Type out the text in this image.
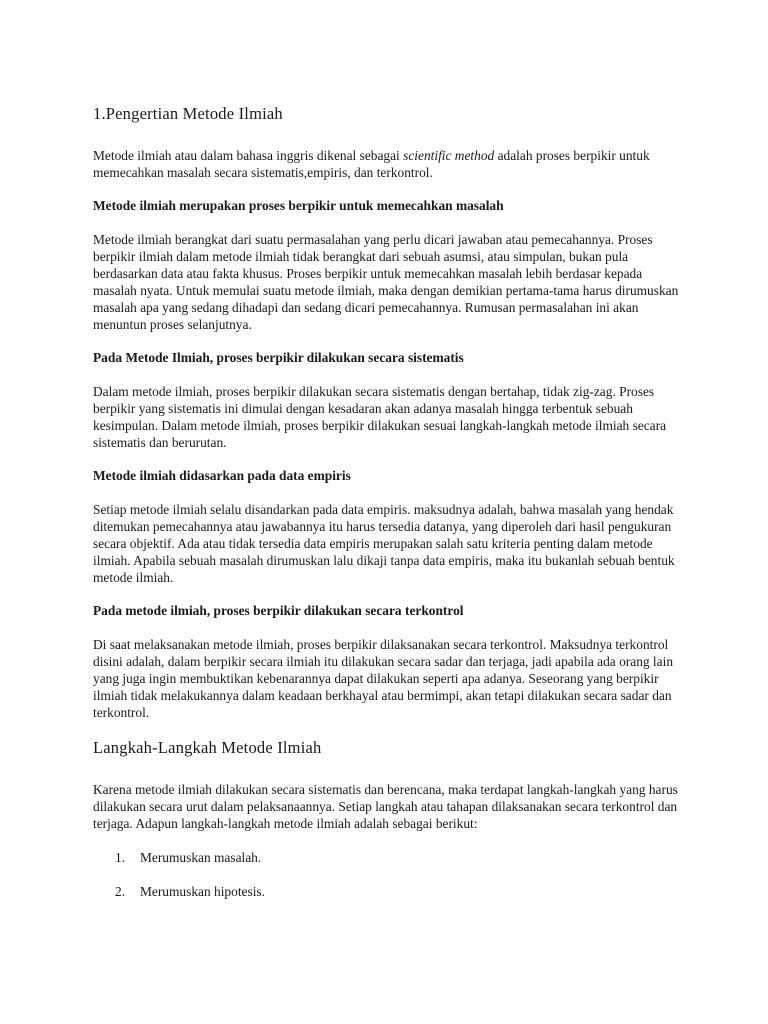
1.Pengertian Metode Ilmiah

Metode ilmiah atau dalam bahasa inggris dikenal sebagai scientific method adalah proses berpikir untuk memecahkan masalah secara sistematis,empiris, dan terkontrol.

Metode ilmiah merupakan proses berpikir untuk memecahkan masalah

Metode ilmiah berangkat dari suatu permasalahan yang perlu dicari jawaban atau pemecahannya. Proses berpikir ilmiah dalam metode ilmiah tidak berangkat dari sebuah asumsi, atau simpulan, bukan pula berdasarkan data atau fakta khusus. Proses berpikir untuk memecahkan masalah lebih berdasar kepada masalah nyata. Untuk memulai suatu metode ilmiah, maka dengan demikian pertama-tama harus dirumuskan masalah apa yang sedang dihadapi dan sedang dicari pemecahannya. Rumusan permasalahan ini akan menuntun proses selanjutnya.

Pada Metode Ilmiah, proses berpikir dilakukan secara sistematis

Dalam metode ilmiah, proses berpikir dilakukan secara sistematis dengan bertahap, tidak zig-zag. Proses berpikir yang sistematis ini dimulai dengan kesadaran akan adanya masalah hingga terbentuk sebuah kesimpulan. Dalam metode ilmiah, proses berpikir dilakukan sesuai langkah-langkah metode ilmiah secara sistematis dan berurutan.

Metode ilmiah didasarkan pada data empiris

Setiap metode ilmiah selalu disandarkan pada data empiris. maksudnya adalah, bahwa masalah yang hendak ditemukan pemecahannya atau jawabannya itu harus tersedia datanya, yang diperoleh dari hasil pengukuran secara objektif. Ada atau tidak tersedia data empiris merupakan salah satu kriteria penting dalam metode ilmiah. Apabila sebuah masalah dirumuskan lalu dikaji tanpa data empiris, maka itu bukanlah sebuah bentuk metode ilmiah.

Pada metode ilmiah, proses berpikir dilakukan secara terkontrol

Di saat melaksanakan metode ilmiah, proses berpikir dilaksanakan secara terkontrol. Maksudnya terkontrol disini adalah, dalam berpikir secara ilmiah itu dilakukan secara sadar dan terjaga, jadi apabila ada orang lain yang juga ingin membuktikan kebenarannya dapat dilakukan seperti apa adanya. Seseorang yang berpikir ilmiah tidak melakukannya dalam keadaan berkhayal atau bermimpi, akan tetapi dilakukan secara sadar dan terkontrol.

Langkah-Langkah Metode Ilmiah

Karena metode ilmiah dilakukan secara sistematis dan berencana, maka terdapat langkah-langkah yang harus dilakukan secara urut dalam pelaksanaannya. Setiap langkah atau tahapan dilaksanakan secara terkontrol dan terjaga. Adapun langkah-langkah metode ilmiah adalah sebagai berikut:

1.	Merumuskan masalah.
2.	Merumuskan hipotesis.
